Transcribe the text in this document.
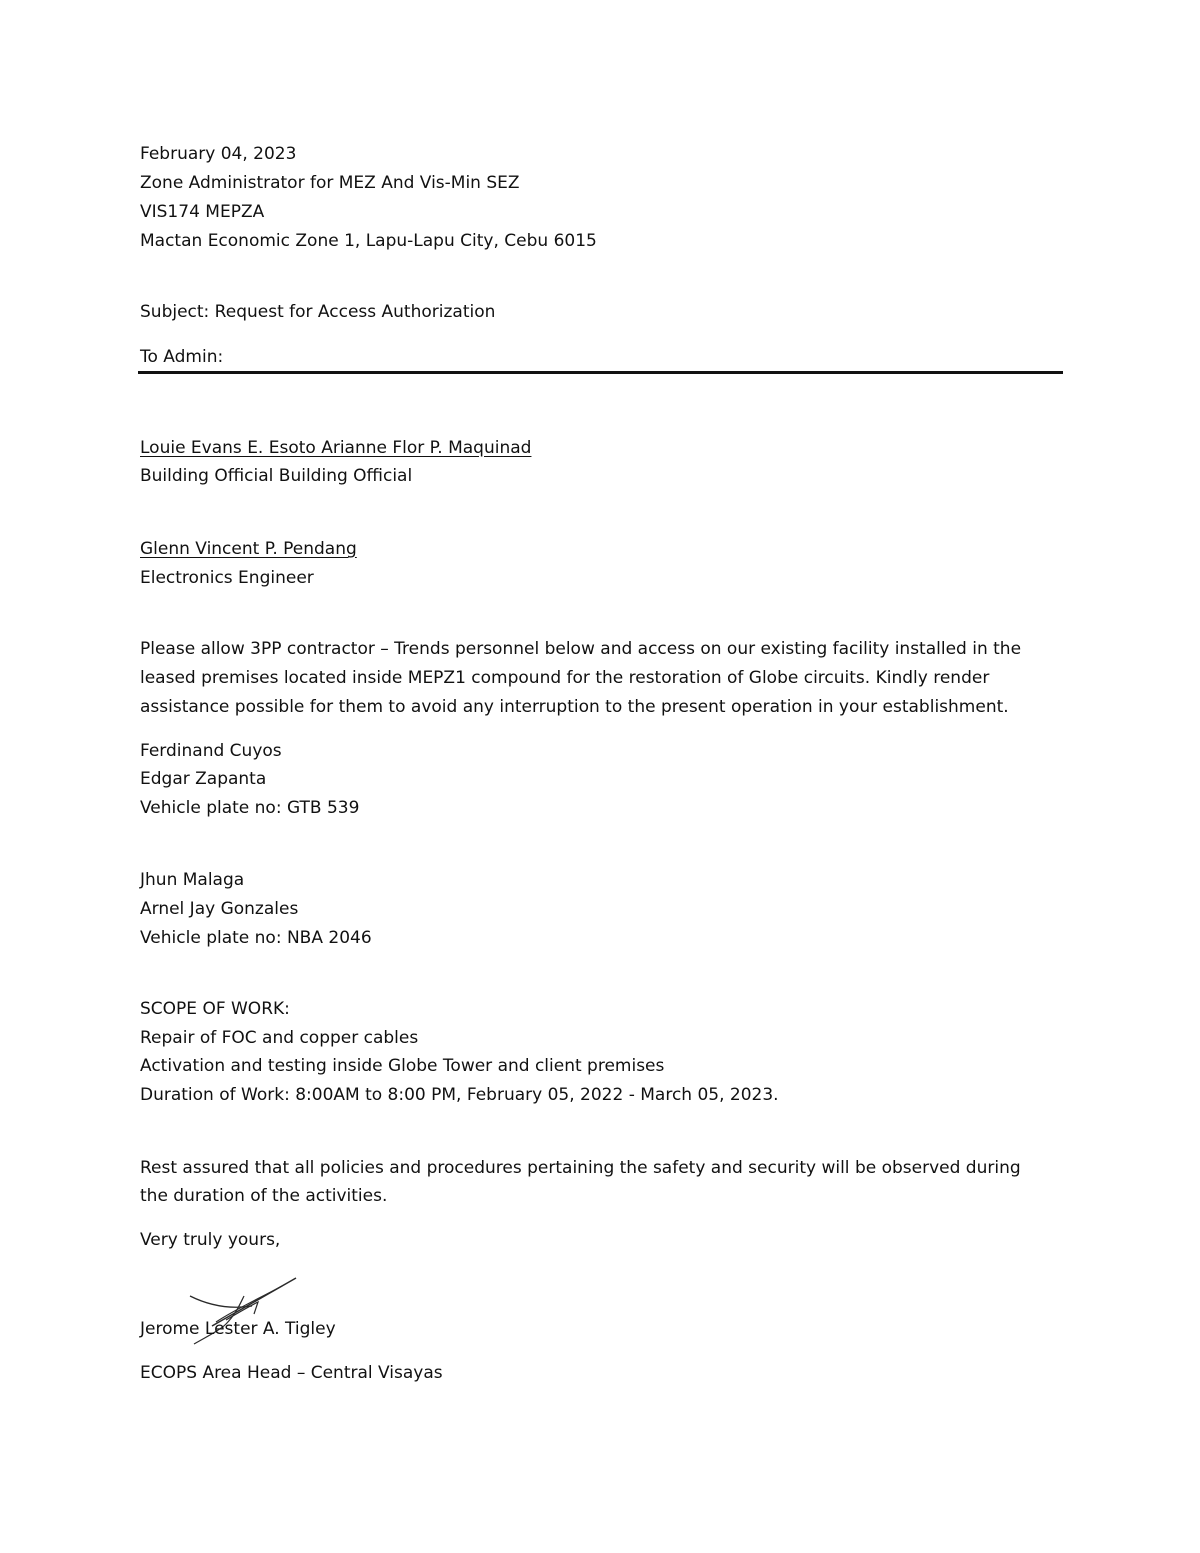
February 04, 2023
Zone Administrator for MEZ And Vis-Min SEZ
VIS174 MEPZA
Mactan Economic Zone 1, Lapu-Lapu City, Cebu 6015
Subject: Request for Access Authorization
To Admin:
Louie Evans E. Esoto Arianne Flor P. Maquinad
Building Official Building Official
Glenn Vincent P. Pendang
Electronics Engineer
Please allow 3PP contractor – Trends personnel below and access on our existing facility installed in the
leased premises located inside MEPZ1 compound for the restoration of Globe circuits. Kindly render
assistance possible for them to avoid any interruption to the present operation in your establishment.
Ferdinand Cuyos
Edgar Zapanta
Vehicle plate no: GTB 539
Jhun Malaga
Arnel Jay Gonzales
Vehicle plate no: NBA 2046
SCOPE OF WORK:
Repair of FOC and copper cables
Activation and testing inside Globe Tower and client premises
Duration of Work: 8:00AM to 8:00 PM, February 05, 2022 - March 05, 2023.
Rest assured that all policies and procedures pertaining the safety and security will be observed during
the duration of the activities.
Very truly yours,
Jerome Lester A. Tigley
ECOPS Area Head – Central Visayas
